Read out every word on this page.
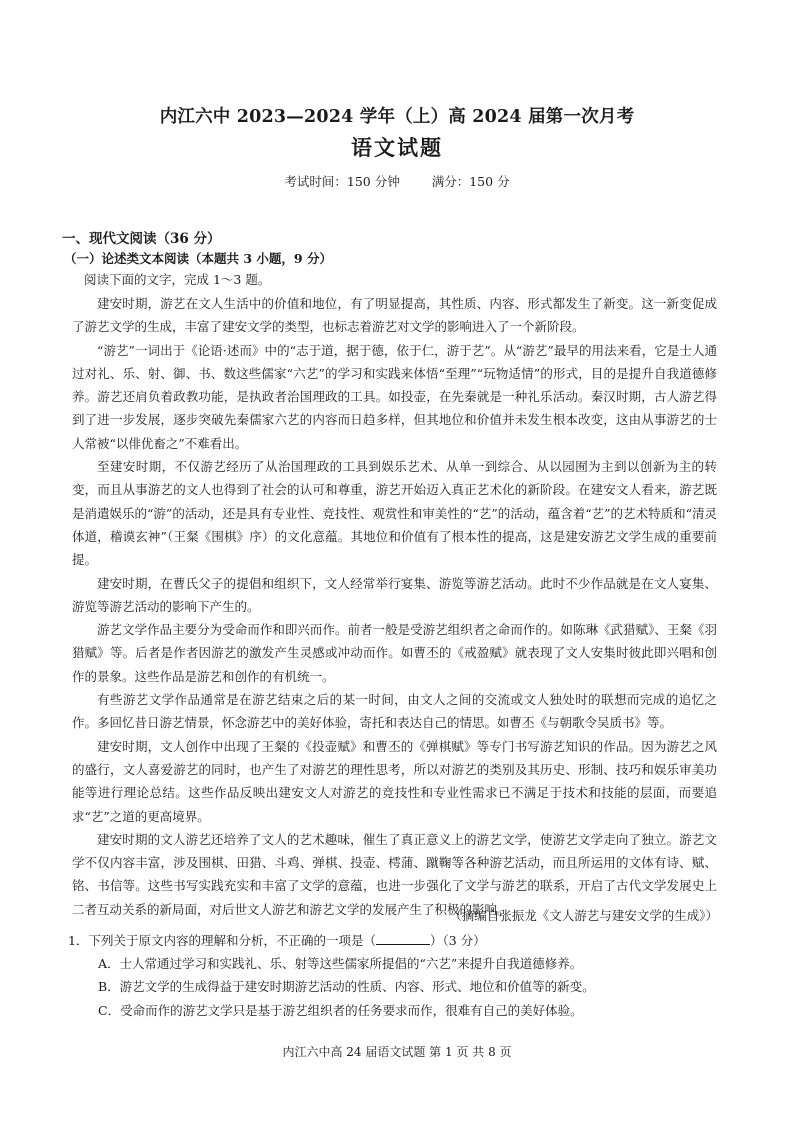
内江六中 2023—2024 学年（上）高 2024 届第一次月考
语文试题
考试时间：150 分钟	满分：150 分
一、现代文阅读（36 分）
（一）论述类文本阅读（本题共 3 小题，9 分）
阅读下面的文字，完成 1～3 题。

建安时期，游艺在文人生活中的价值和地位，有了明显提高，其性质、内容、形式都发生了新变。这一新变促成了游艺文学的生成，丰富了建安文学的类型，也标志着游艺对文学的影响进入了一个新阶段。

“游艺”一词出于《论语·述而》中的“志于道，据于德，依于仁，游于艺”。从“游艺”最早的用法来看，它是士人通过对礼、乐、射、御、书、数这些儒家“六艺”的学习和实践来体悟“至理”“玩物适情”的形式，目的是提升自我道德修养。游艺还肩负着政教功能，是执政者治国理政的工具。如投壶，在先秦就是一种礼乐活动。秦汉时期，古人游艺得到了进一步发展，逐步突破先秦儒家六艺的内容而日趋多样，但其地位和价值并未发生根本改变，这由从事游艺的士人常被“以俳优畜之”不难看出。

至建安时期，不仅游艺经历了从治国理政的工具到娱乐艺术、从单一到综合、从以园囿为主到以创新为主的转变，而且从事游艺的文人也得到了社会的认可和尊重，游艺开始迈入真正艺术化的新阶段。在建安文人看来，游艺既是消遣娱乐的“游”的活动，还是具有专业性、竞技性、观赏性和审美性的“艺”的活动，蕴含着“艺”的艺术特质和“清灵体道，稽谟玄神”（王粲《围棋》序）的文化意蕴。其地位和价值有了根本性的提高，这是建安游艺文学生成的重要前提。

建安时期，在曹氏父子的提倡和组织下，文人经常举行宴集、游览等游艺活动。此时不少作品就是在文人宴集、游览等游艺活动的影响下产生的。

游艺文学作品主要分为受命而作和即兴而作。前者一般是受游艺组织者之命而作的。如陈琳《武猎赋》、王粲《羽猎赋》等。后者是作者因游艺的激发产生灵感或冲动而作。如曹丕的《戒盈赋》就表现了文人安集时彼此即兴唱和创作的景象。这些作品是游艺和创作的有机统一。

有些游艺文学作品通常是在游艺结束之后的某一时间，由文人之间的交流或文人独处时的联想而完成的追忆之作。多回忆昔日游艺情景，怀念游艺中的美好体验，寄托和表达自己的情思。如曹丕《与朝歌令吴质书》等。

建安时期，文人创作中出现了王粲的《投壶赋》和曹丕的《弹棋赋》等专门书写游艺知识的作品。因为游艺之风的盛行，文人喜爱游艺的同时，也产生了对游艺的理性思考，所以对游艺的类别及其历史、形制、技巧和娱乐审美功能等进行理论总结。这些作品反映出建安文人对游艺的竞技性和专业性需求已不满足于技术和技能的层面，而要追求“艺”之道的更高境界。

建安时期的文人游艺还培养了文人的艺术趣味，催生了真正意义上的游艺文学，使游艺文学走向了独立。游艺文学不仅内容丰富，涉及围棋、田猎、斗鸡、弹棋、投壶、樗蒲、蹴鞠等各种游艺活动，而且所运用的文体有诗、赋、铭、书信等。这些书写实践充实和丰富了文学的意蕴，也进一步强化了文学与游艺的联系，开启了古代文学发展史上二者互动关系的新局面，对后世文人游艺和游艺文学的发展产生了积极的影响。

（摘编自张振龙《文人游艺与建安文学的生成》）

1．下列关于原文内容的理解和分析，不正确的一项是（	）（3 分）

A．士人常通过学习和实践礼、乐、射等这些儒家所提倡的“六艺”来提升自我道德修养。

B．游艺文学的生成得益于建安时期游艺活动的性质、内容、形式、地位和价值等的新变。

C．受命而作的游艺文学只是基于游艺组织者的任务要求而作，很难有自己的美好体验。

内江六中高 24 届语文试题 第 1 页 共 8 页
